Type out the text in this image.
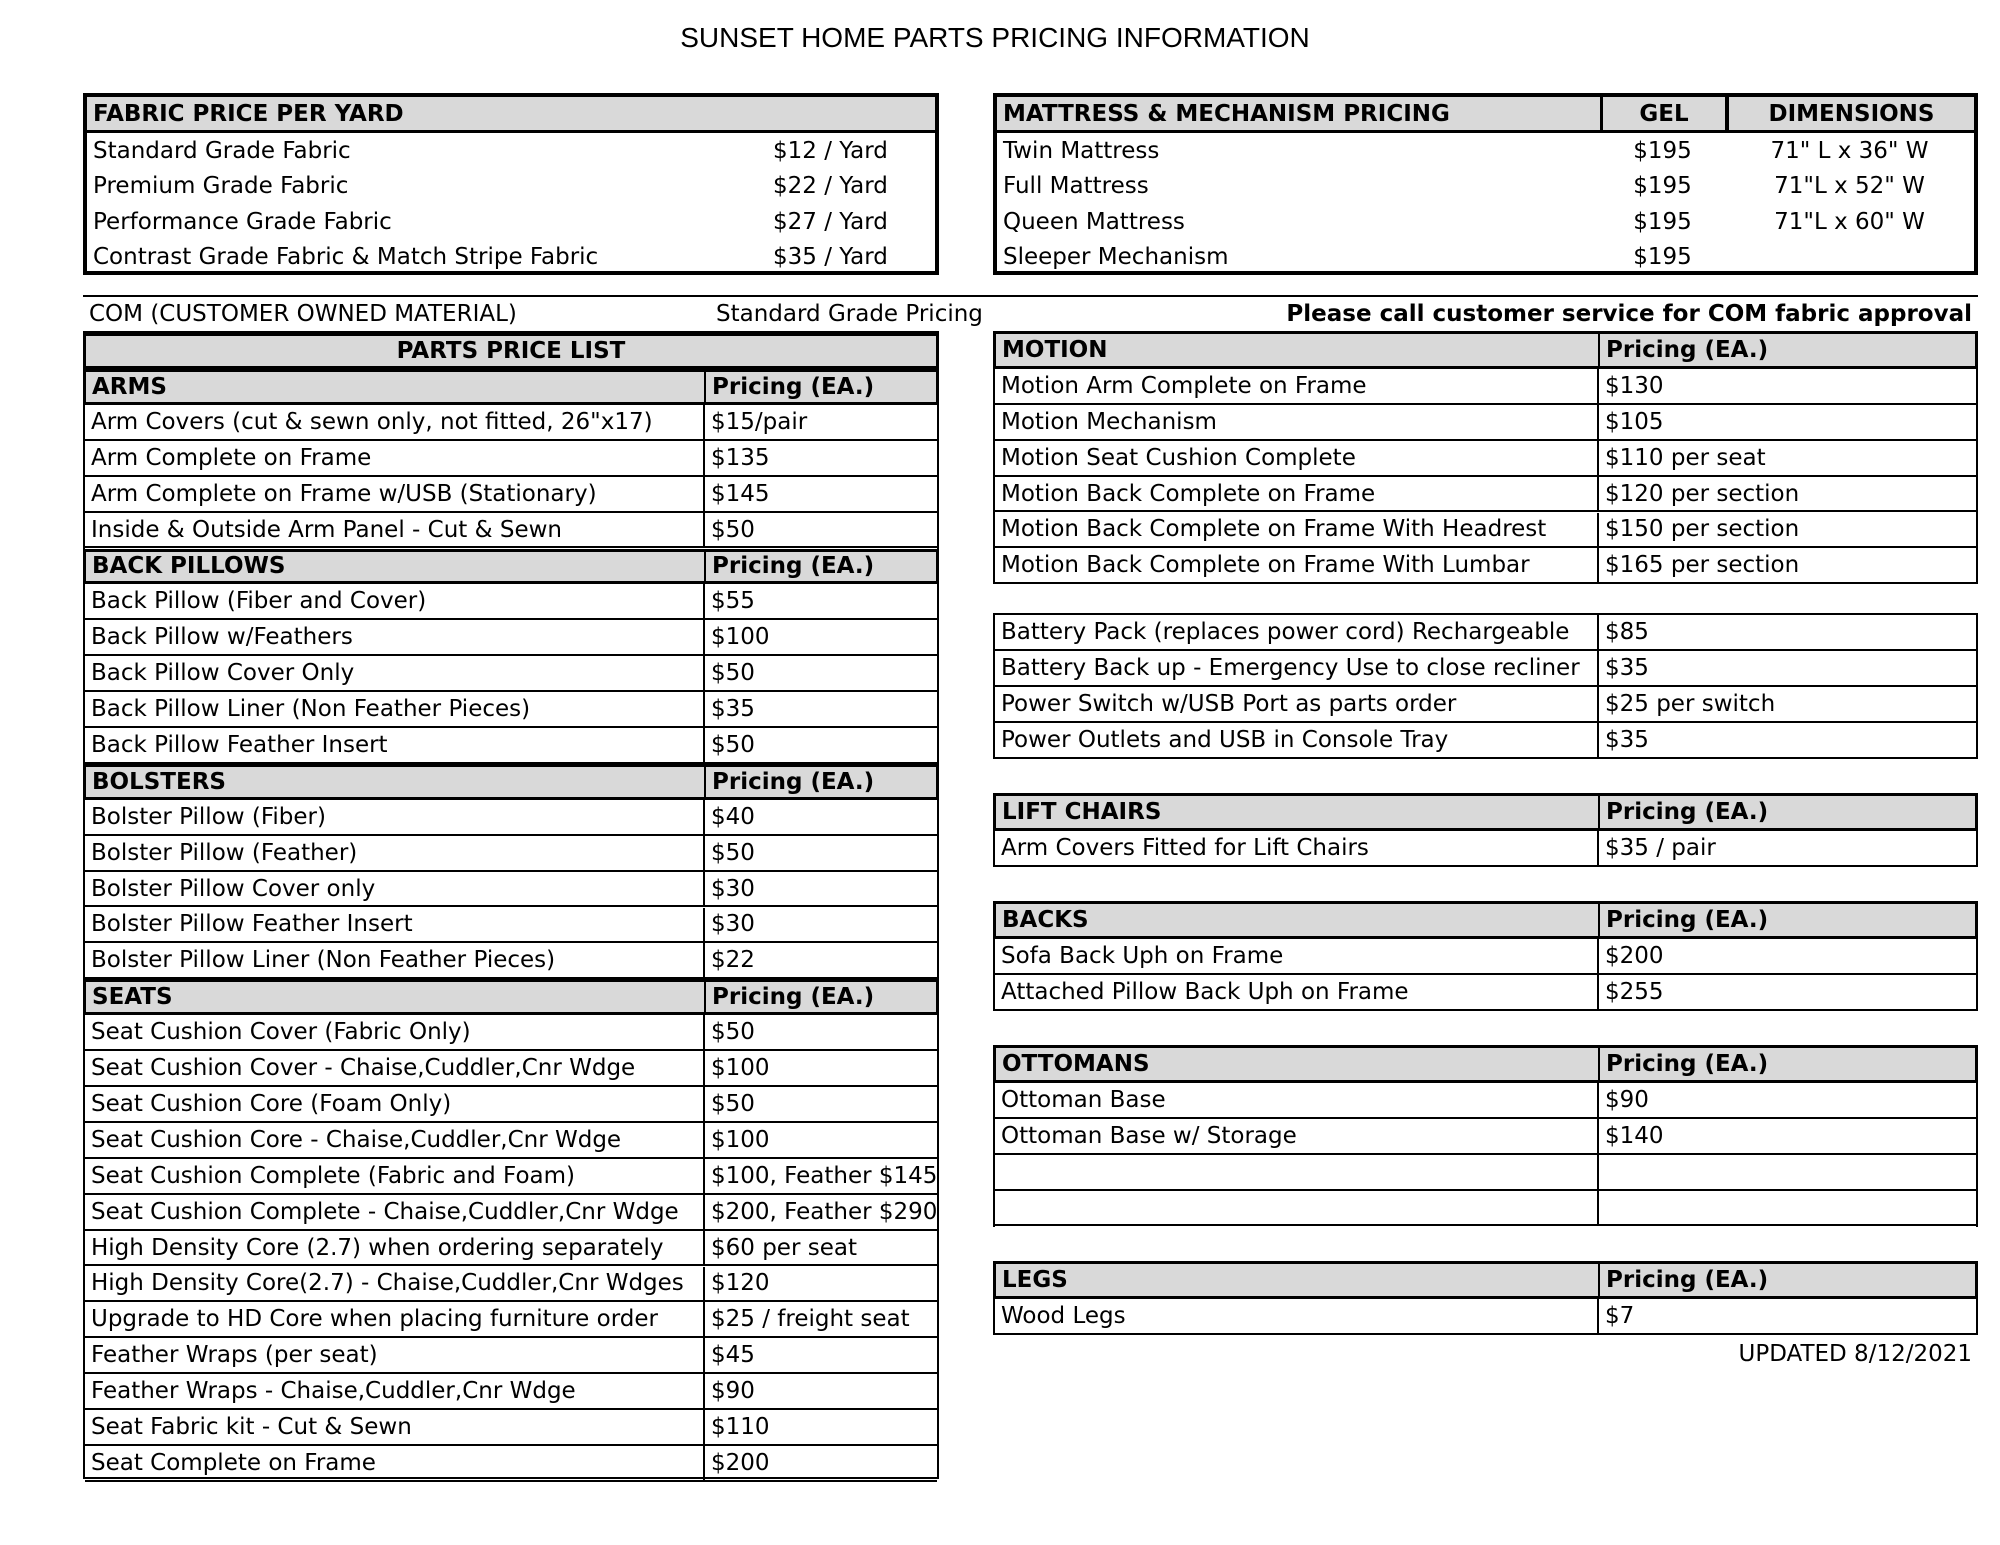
SUNSET HOME PARTS PRICING INFORMATION
FABRIC PRICE PER YARD
Standard Grade Fabric	$12 / Yard
Premium Grade Fabric	$22 / Yard
Performance Grade Fabric	$27 / Yard
Contrast Grade Fabric & Match Stripe Fabric	$35 / Yard
MATTRESS & MECHANISM PRICING	GEL	DIMENSIONS
Twin Mattress	$195	71" L x 36" W
Full Mattress	$195	71"L x 52" W
Queen Mattress	$195	71"L x 60" W
Sleeper Mechanism	$195
COM (CUSTOMER OWNED MATERIAL)	Standard Grade Pricing	Please call customer service for COM fabric approval
PARTS PRICE LIST
ARMS	Pricing (EA.)
Arm Covers (cut & sewn only, not fitted, 26"x17)	$15/pair
Arm Complete on Frame	$135
Arm Complete on Frame w/USB (Stationary)	$145
Inside & Outside Arm Panel - Cut & Sewn	$50
BACK PILLOWS	Pricing (EA.)
Back Pillow (Fiber and Cover)	$55
Back Pillow w/Feathers	$100
Back Pillow Cover Only	$50
Back Pillow Liner (Non Feather Pieces)	$35
Back Pillow Feather Insert	$50
BOLSTERS	Pricing (EA.)
Bolster Pillow (Fiber)	$40
Bolster Pillow (Feather)	$50
Bolster Pillow Cover only	$30
Bolster Pillow Feather Insert	$30
Bolster Pillow Liner (Non Feather Pieces)	$22
SEATS	Pricing (EA.)
Seat Cushion Cover (Fabric Only)	$50
Seat Cushion Cover - Chaise,Cuddler,Cnr Wdge	$100
Seat Cushion Core (Foam Only)	$50
Seat Cushion Core - Chaise,Cuddler,Cnr Wdge	$100
Seat Cushion Complete (Fabric and Foam)	$100, Feather $145
Seat Cushion Complete - Chaise,Cuddler,Cnr Wdge	$200, Feather $290
High Density Core (2.7) when ordering separately	$60 per seat
High Density Core(2.7) - Chaise,Cuddler,Cnr Wdges	$120
Upgrade to HD Core when placing furniture order	$25 / freight seat
Feather Wraps (per seat)	$45
Feather Wraps - Chaise,Cuddler,Cnr Wdge	$90
Seat Fabric kit - Cut & Sewn	$110
Seat Complete on Frame	$200
MOTION	Pricing (EA.)
Motion Arm Complete on Frame	$130
Motion Mechanism	$105
Motion Seat Cushion Complete	$110 per seat
Motion Back Complete on Frame	$120 per section
Motion Back Complete on Frame With Headrest	$150 per section
Motion Back Complete on Frame With Lumbar	$165 per section
Battery Pack (replaces power cord) Rechargeable	$85
Battery Back up - Emergency Use to close recliner	$35
Power Switch w/USB Port as parts order	$25 per switch
Power Outlets and USB in Console Tray	$35
LIFT CHAIRS	Pricing (EA.)
Arm Covers Fitted for Lift Chairs	$35 / pair
BACKS	Pricing (EA.)
Sofa Back Uph on Frame	$200
Attached Pillow Back Uph on Frame	$255
OTTOMANS	Pricing (EA.)
Ottoman Base	$90
Ottoman Base w/ Storage	$140
LEGS	Pricing (EA.)
Wood Legs	$7
UPDATED 8/12/2021
